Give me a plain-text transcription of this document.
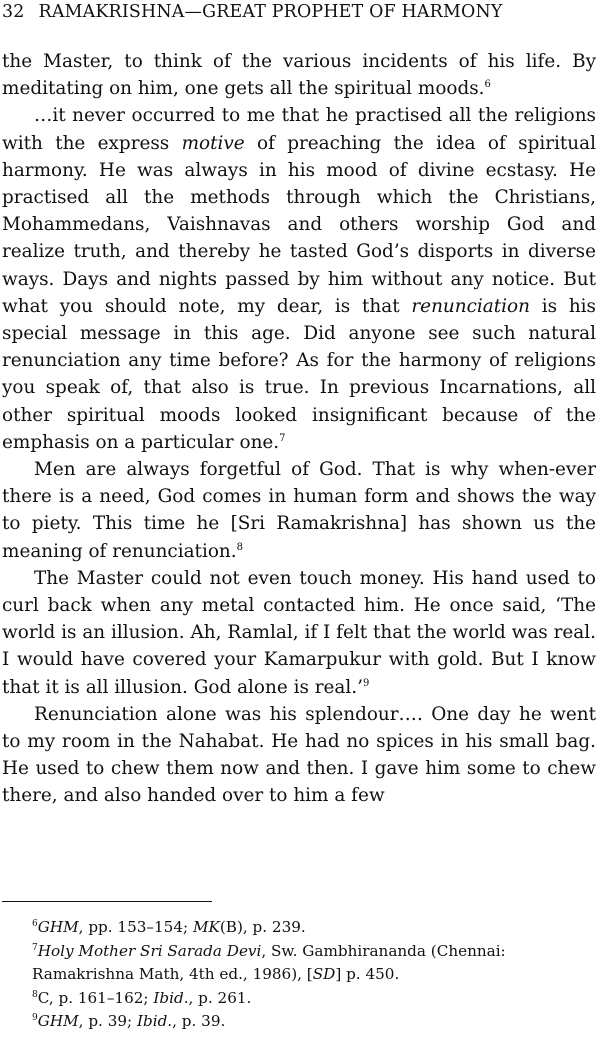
32 RAMAKRISHNA—GREAT PROPHET OF HARMONY

the Master, to think of the various incidents of his life. By meditating on him, one gets all the spiritual moods.$^6$

…it never occurred to me that he practised all the religions with the express motive of preaching the idea of spiritual harmony. He was always in his mood of divine ecstasy. He practised all the methods through which the Christians, Mohammedans, Vaishnavas and others worship God and realize truth, and thereby he tasted God’s disports in diverse ways. Days and nights passed by him without any notice. But what you should note, my dear, is that renunciation is his special message in this age. Did anyone see such natural renunciation any time before? As for the harmony of religions you speak of, that also is true. In previous Incarnations, all other spiritual moods looked insignificant because of the emphasis on a particular one.$^7$

Men are always forgetful of God. That is why when-ever there is a need, God comes in human form and shows the way to piety. This time he [Sri Ramakrishna] has shown us the meaning of renunciation.$^8$

The Master could not even touch money. His hand used to curl back when any metal contacted him. He once said, ‘The world is an illusion. Ah, Ramlal, if I felt that the world was real. I would have covered your Kamarpukur with gold. But I know that it is all illusion. God alone is real.’$^9$

Renunciation alone was his splendour…. One day he went to my room in the Nahabat. He had no spices in his small bag. He used to chew them now and then. I gave him some to chew there, and also handed over to him a few

$^6$GHM, pp. 153–154; MK(B), p. 239.

$^7$Holy Mother Sri Sarada Devi, Sw. Gambhirananda (Chennai: Ramakrishna Math, 4th ed., 1986), [SD] p. 450.

$^8$C, p. 161–162; Ibid., p. 261.

$^9$GHM, p. 39; Ibid., p. 39.
